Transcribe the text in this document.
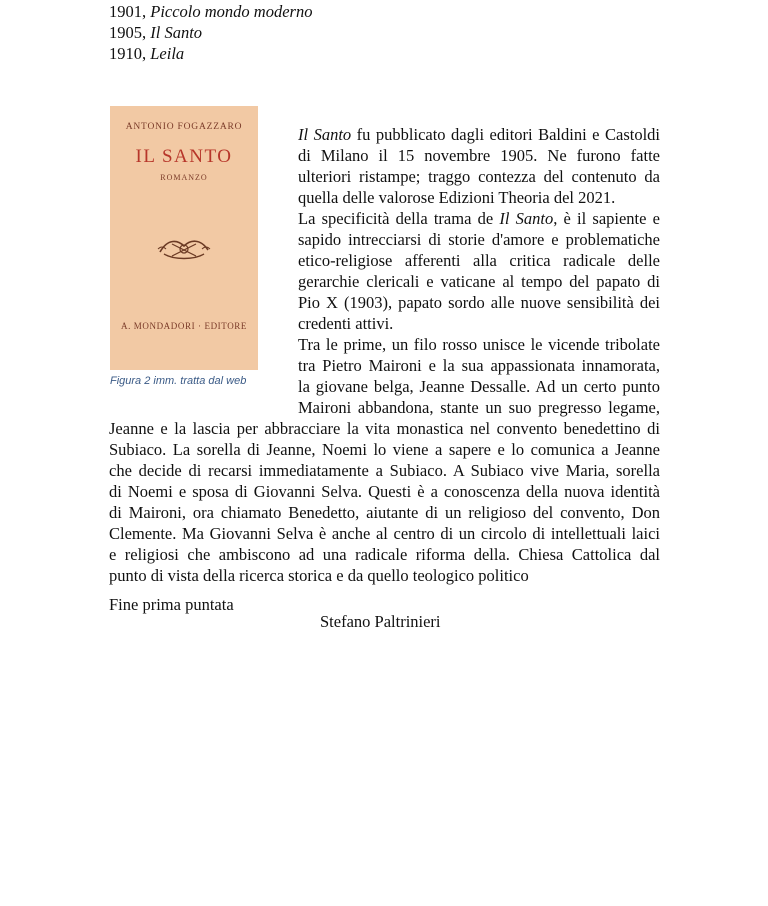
1901, Piccolo mondo moderno
1905, Il Santo
1910, Leila
ANTONIO FOGAZZARO
IL SANTO
ROMANZO
A. MONDADORI · EDITORE
Figura 2 imm. tratta dal web
Il Santo fu pubblicato dagli editori Baldini e Castoldi
di Milano il 15 novembre 1905. Ne furono fatte
ulteriori ristampe; traggo contezza del contenuto da
quella delle valorose Edizioni Theoria del 2021.
La specificità della trama de Il Santo, è il sapiente e
sapido intrecciarsi di storie d'amore e problematiche
etico-religiose afferenti alla critica radicale delle
gerarchie clericali e vaticane al tempo del papato di
Pio X (1903), papato sordo alle nuove sensibilità dei
credenti attivi.
Tra le prime, un filo rosso unisce le vicende tribolate
tra Pietro Maironi e la sua appassionata innamorata,
la giovane belga, Jeanne Dessalle. Ad un certo punto
Maironi abbandona, stante un suo pregresso legame,
Jeanne e la lascia per abbracciare la vita monastica nel convento benedettino di
Subiaco. La sorella di Jeanne, Noemi lo viene a sapere e lo comunica a Jeanne
che decide di recarsi immediatamente a Subiaco. A Subiaco vive Maria, sorella
di Noemi e sposa di Giovanni Selva. Questi è a conoscenza della nuova identità
di Maironi, ora chiamato Benedetto, aiutante di un religioso del convento, Don
Clemente. Ma Giovanni Selva è anche al centro di un circolo di intellettuali laici
e religiosi che ambiscono ad una radicale riforma della. Chiesa Cattolica dal
punto di vista della ricerca storica e da quello teologico politico
Fine prima puntata
Stefano Paltrinieri
